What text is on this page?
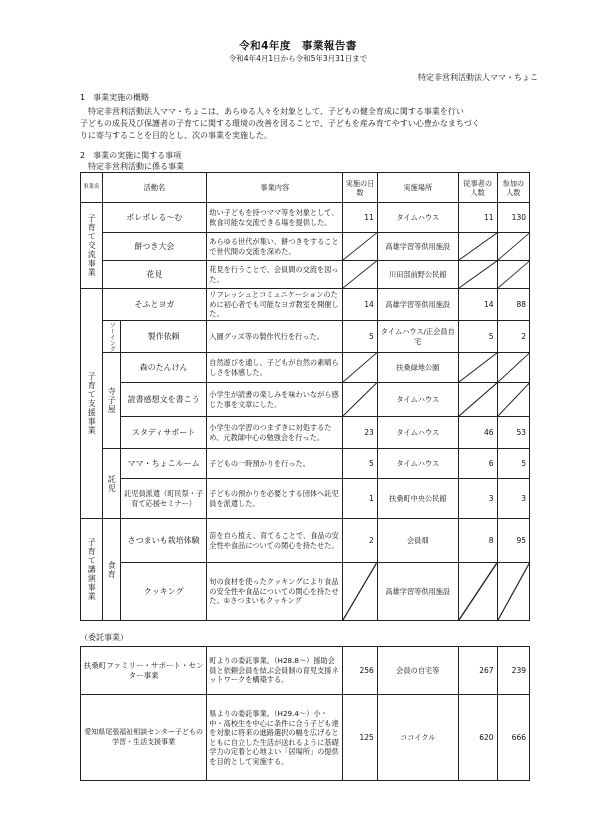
令和4年度　事業報告書
令和4年4月1日から令和5年3月31日まで
特定非営利活動法人ママ・ちょこ
1　事業実施の概略
　特定非営利活動法人ママ・ちょこは、あらゆる人々を対象として、子どもの健全育成に関する事業を行い
子どもの成長及び保護者の子育てに関する環境の改善を図ることで、子どもを産み育てやすい心豊かなまちづく
りに寄与することを目的とし、次の事業を実施した。
2　事業の実施に関する事項
　特定非営利活動に係る事業
事業名	活動名		事業内容	実施の日数	実施場所	従事者の人数	参加の人数
子育て交流事業	ポレポレる～む		幼い子どもを持つママ等を対象として、飲食可能な交流できる場を提供した。	11	タイムハウス	11	130
	餅つき大会		あらゆる世代が集い、餅つきをすることで世代間の交流を深めた。		高雄学習等供用施設	

	花見		花見を行うことで、会員間の交流を図った。		川田部前野公民館	

子育て支援事業	そふとヨガ		リフレッシュとコミュニケーションのために初心者でも可能なヨガ教室を開催した。	14	高雄学習等供用施設	14	88
	ソーイング	製作依頼	入園グッズ等の製作代行を行った。	5	タイムハウス/正会員自宅	5	2
	寺子屋	森のたんけん	自然遊びを通し、子どもが自然の素晴らしさを体感した。		扶桑緑地公園	

		読書感想文を書こう	小学生が読書の楽しみを味わいながら感じた事を文章にした。		タイムハウス	

		スタディサポート	小学生の学習のつまずきに対処するため、元教師中心の勉強会を行った。	23	タイムハウス	46	53
	託児	ママ・ちょこルーム	子どもの一時預かりを行った。	5	タイムハウス	6	5
		託児員派遣（町民祭・子育て応援セミナー）	子どもの預かりを必要とする団体へ託児員を派遣した。	1	扶桑町中央公民館	3	3
子育て講演事業	食育	さつまいも栽培体験	苗を自ら植え、育てることで、食品の安全性や食品についての関心を持たせた。	2	会員畑	8	95
		クッキング	旬の食材を使ったクッキングにより食品の安全性や食品についての関心を持たせた。①さつまいもクッキング		高雄学習等供用施設	

（委託事業）
扶桑町ファミリー・サポート・センター事業	町よりの委託事業。（H28.8～）援助会員と依頼会員を結ぶ会員制の育児支援ネットワークを構築する。	256	会員の自宅等	267	239
愛知県尾張福祉相談センター子どもの学習・生活支援事業	県よりの委託事業。（H29.4～）小・中・高校生を中心に条件に合う子ども達を対象に将来の進路選択の幅を広げるとともに自立した生活が送れるように基礎学力の定着と心地よい「居場所」の提供を目的として実施する。	125	ココイクル	620	666
